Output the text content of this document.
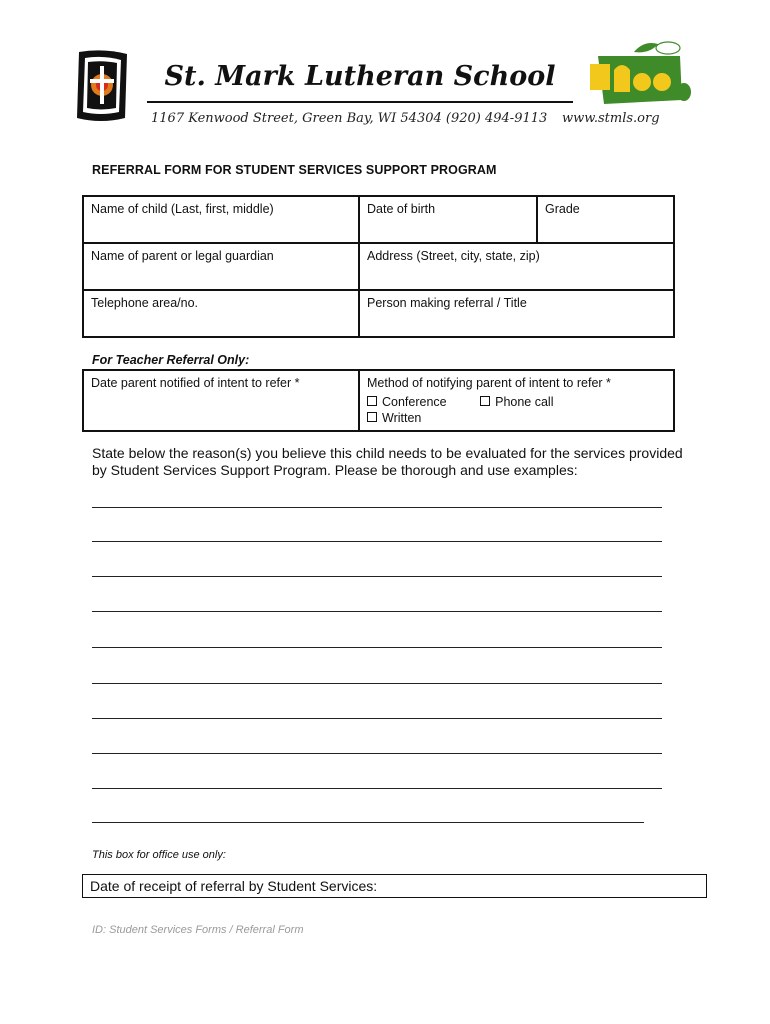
St. Mark Lutheran School
1167 Kenwood Street, Green Bay, WI 54304 (920) 494-9113 www.stmls.org
REFERRAL FORM FOR STUDENT SERVICES SUPPORT PROGRAM
Name of child (Last, first, middle)	Date of birth	Grade
Name of parent or legal guardian	Address (Street, city, state, zip)	
Telephone area/no.	Person making referral / Title	
For Teacher Referral Only:
Date parent notified of intent to refer *	Method of notifying parent of intent to refer *
Conference	Phone call Written
State below the reason(s) you believe this child needs to be evaluated for the services provided by Student Services Support Program. Please be thorough and use examples:
This box for office use only:
Date of receipt of referral by Student Services:
ID: Student Services Forms / Referral Form
